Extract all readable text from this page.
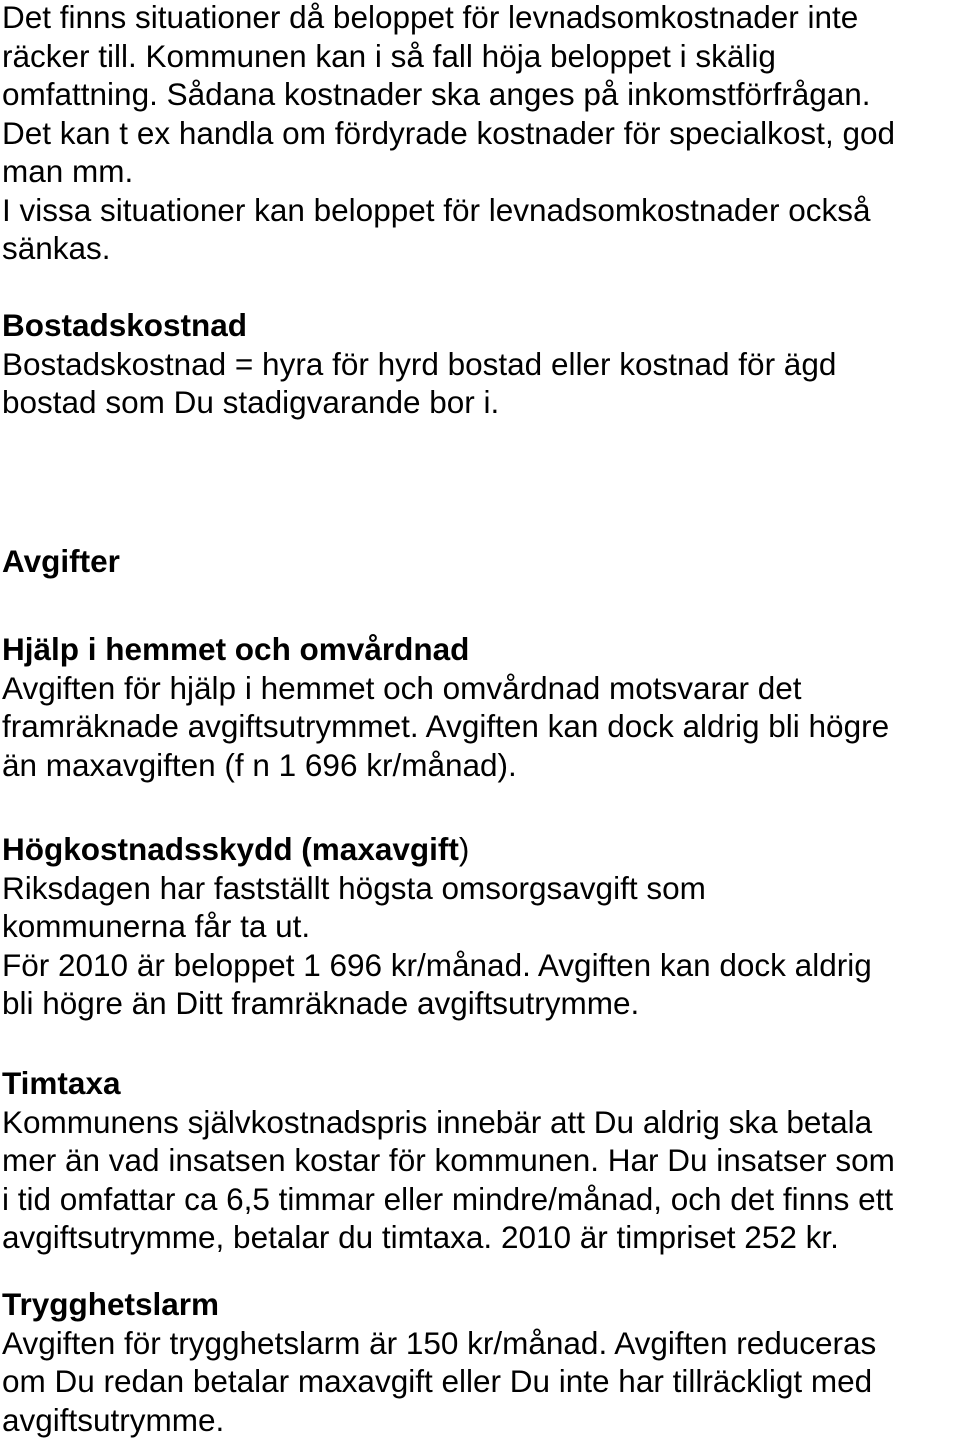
Det finns situationer då beloppet för levnadsomkostnader inte
räcker till. Kommunen kan i så fall höja beloppet i skälig
omfattning. Sådana kostnader ska anges på inkomstförfrågan.
Det kan t ex handla om fördyrade kostnader för specialkost, god
man mm.
I vissa situationer kan beloppet för levnadsomkostnader också
sänkas.
Bostadskostnad
Bostadskostnad = hyra för hyrd bostad eller kostnad för ägd
bostad som Du stadigvarande bor i.
Avgifter
Hjälp i hemmet och omvårdnad
Avgiften för hjälp i hemmet och omvårdnad motsvarar det
framräknade avgiftsutrymmet. Avgiften kan dock aldrig bli högre
än maxavgiften (f n 1 696 kr/månad).
Högkostnadsskydd (maxavgift)
Riksdagen har fastställt högsta omsorgsavgift som
kommunerna får ta ut.
För 2010 är beloppet 1 696 kr/månad. Avgiften kan dock aldrig
bli högre än Ditt framräknade avgiftsutrymme.
Timtaxa
Kommunens självkostnadspris innebär att Du aldrig ska betala
mer än vad insatsen kostar för kommunen. Har Du insatser som
i tid omfattar ca 6,5 timmar eller mindre/månad, och det finns ett
avgiftsutrymme, betalar du timtaxa. 2010 är timpriset 252 kr.
Trygghetslarm
Avgiften för trygghetslarm är 150 kr/månad. Avgiften reduceras
om Du redan betalar maxavgift eller Du inte har tillräckligt med
avgiftsutrymme.
